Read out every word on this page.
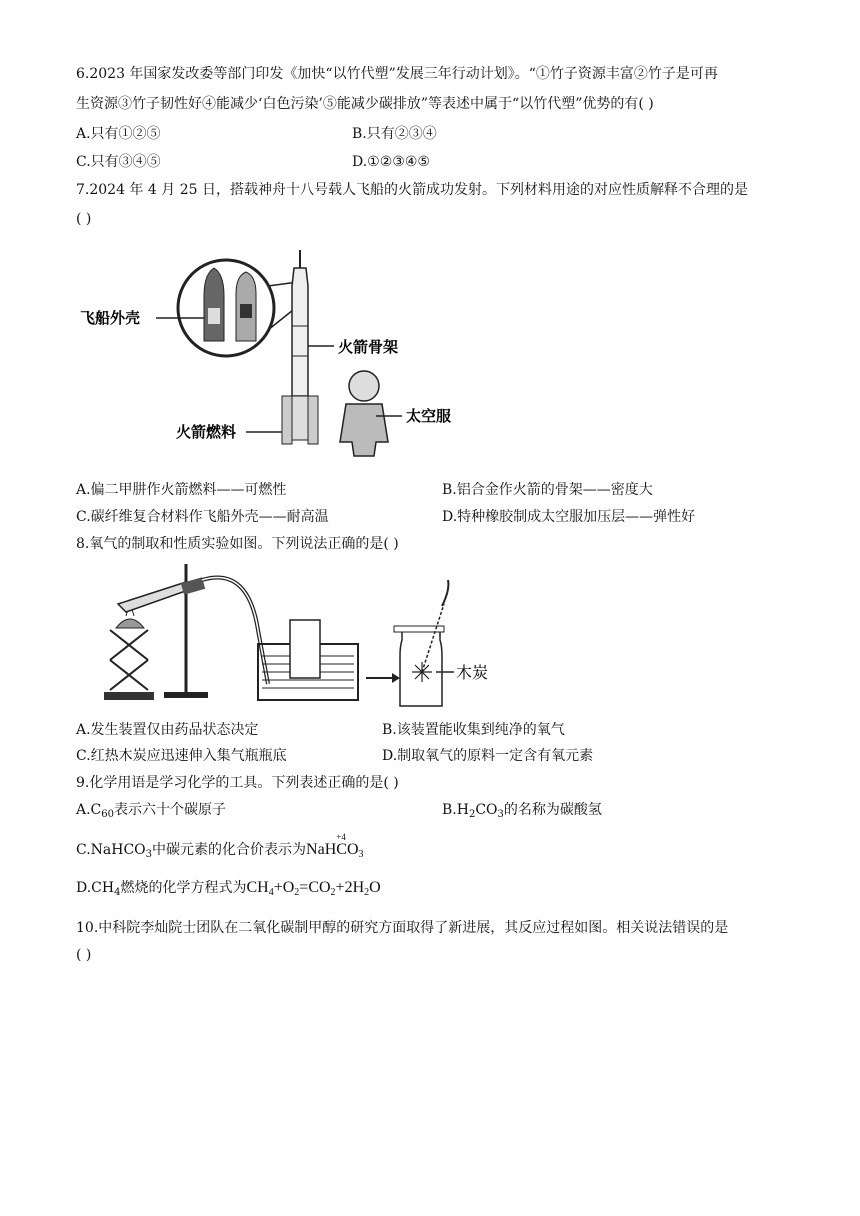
6.2023 年国家发改委等部门印发《加快“以竹代塑”发展三年行动计划》。“①竹子资源丰富②竹子是可再
生资源③竹子韧性好④能减少‘白色污染’⑤能减少碳排放”等表述中属于“以竹代塑”优势的有( )
A.只有①②⑤	B.只有②③④
C.只有③④⑤	D.①②③④⑤
7.2024 年 4 月 25 日，搭载神舟十八号载人飞船的火箭成功发射。下列材料用途的对应性质解释不合理的是
( )
飞船外壳
火箭骨架
火箭燃料
太空服
A.偏二甲肼作火箭燃料——可燃性	B.铝合金作火箭的骨架——密度大
C.碳纤维复合材料作飞船外壳——耐高温	D.特种橡胶制成太空服加压层——弹性好
8.氧气的制取和性质实验如图。下列说法正确的是( )
木炭
A.发生装置仅由药品状态决定	B.该装置能收集到纯净的氧气
C.红热木炭应迅速伸入集气瓶瓶底	D.制取氧气的原料一定含有氧元素
9.化学用语是学习化学的工具。下列表述正确的是( )
$A.C_{60}$表示六十个碳原子	$B.H_2CO_3$的名称为碳酸氢
C.NaHCO$_3$中碳元素的化合价表示为NaH
+4
$CO_3$
$D.CH_4$燃烧的化学方程式为$CH_4+O_2=CO_2+2H_2O$
10.中科院李灿院士团队在二氧化碳制甲醇的研究方面取得了新进展，其反应过程如图。相关说法错误的是
( )
